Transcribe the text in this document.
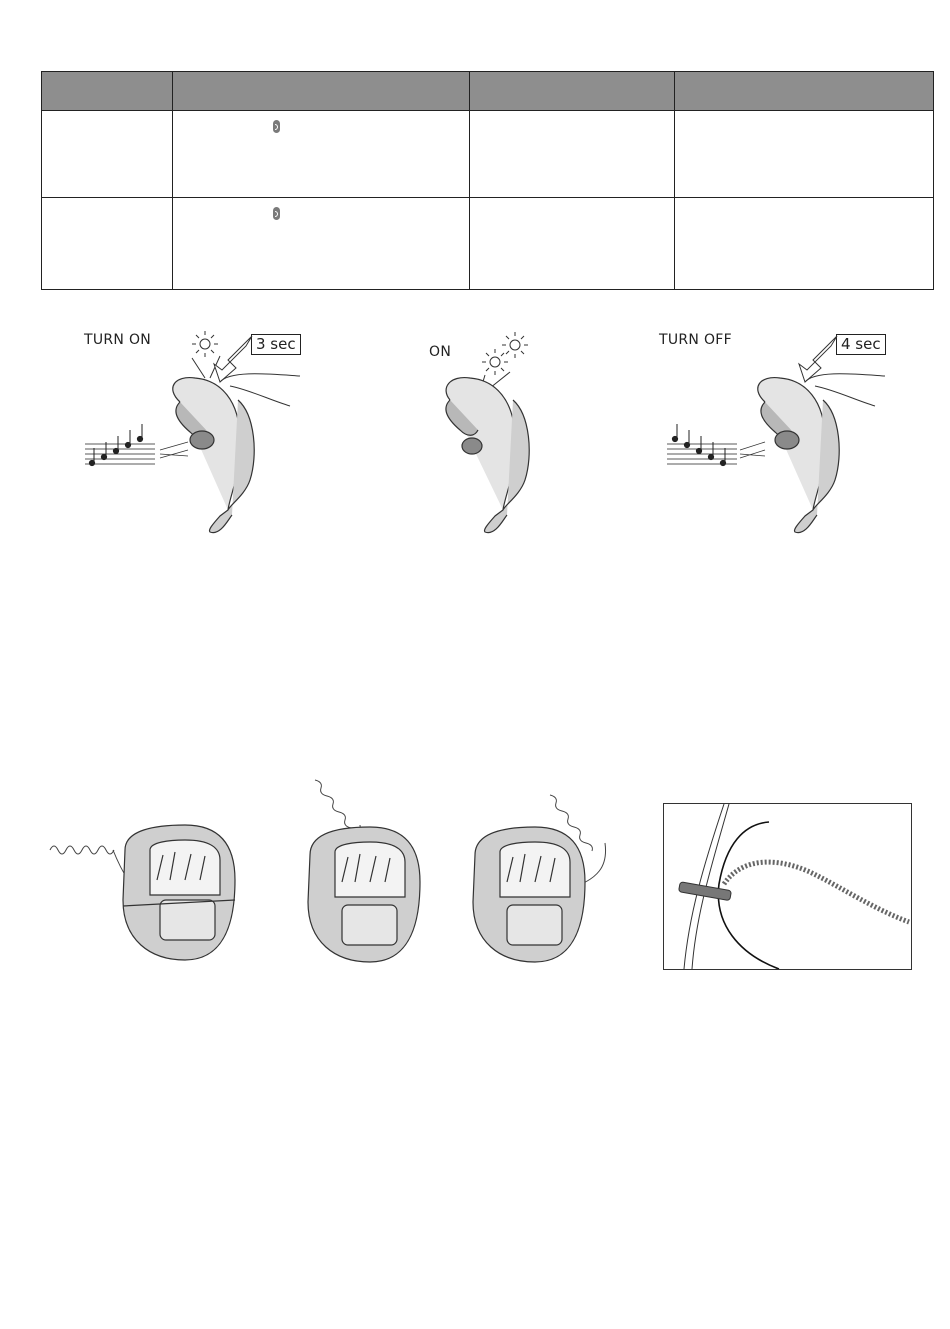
TURN ON	3 sec	ON
TURN OFF	4 sec
